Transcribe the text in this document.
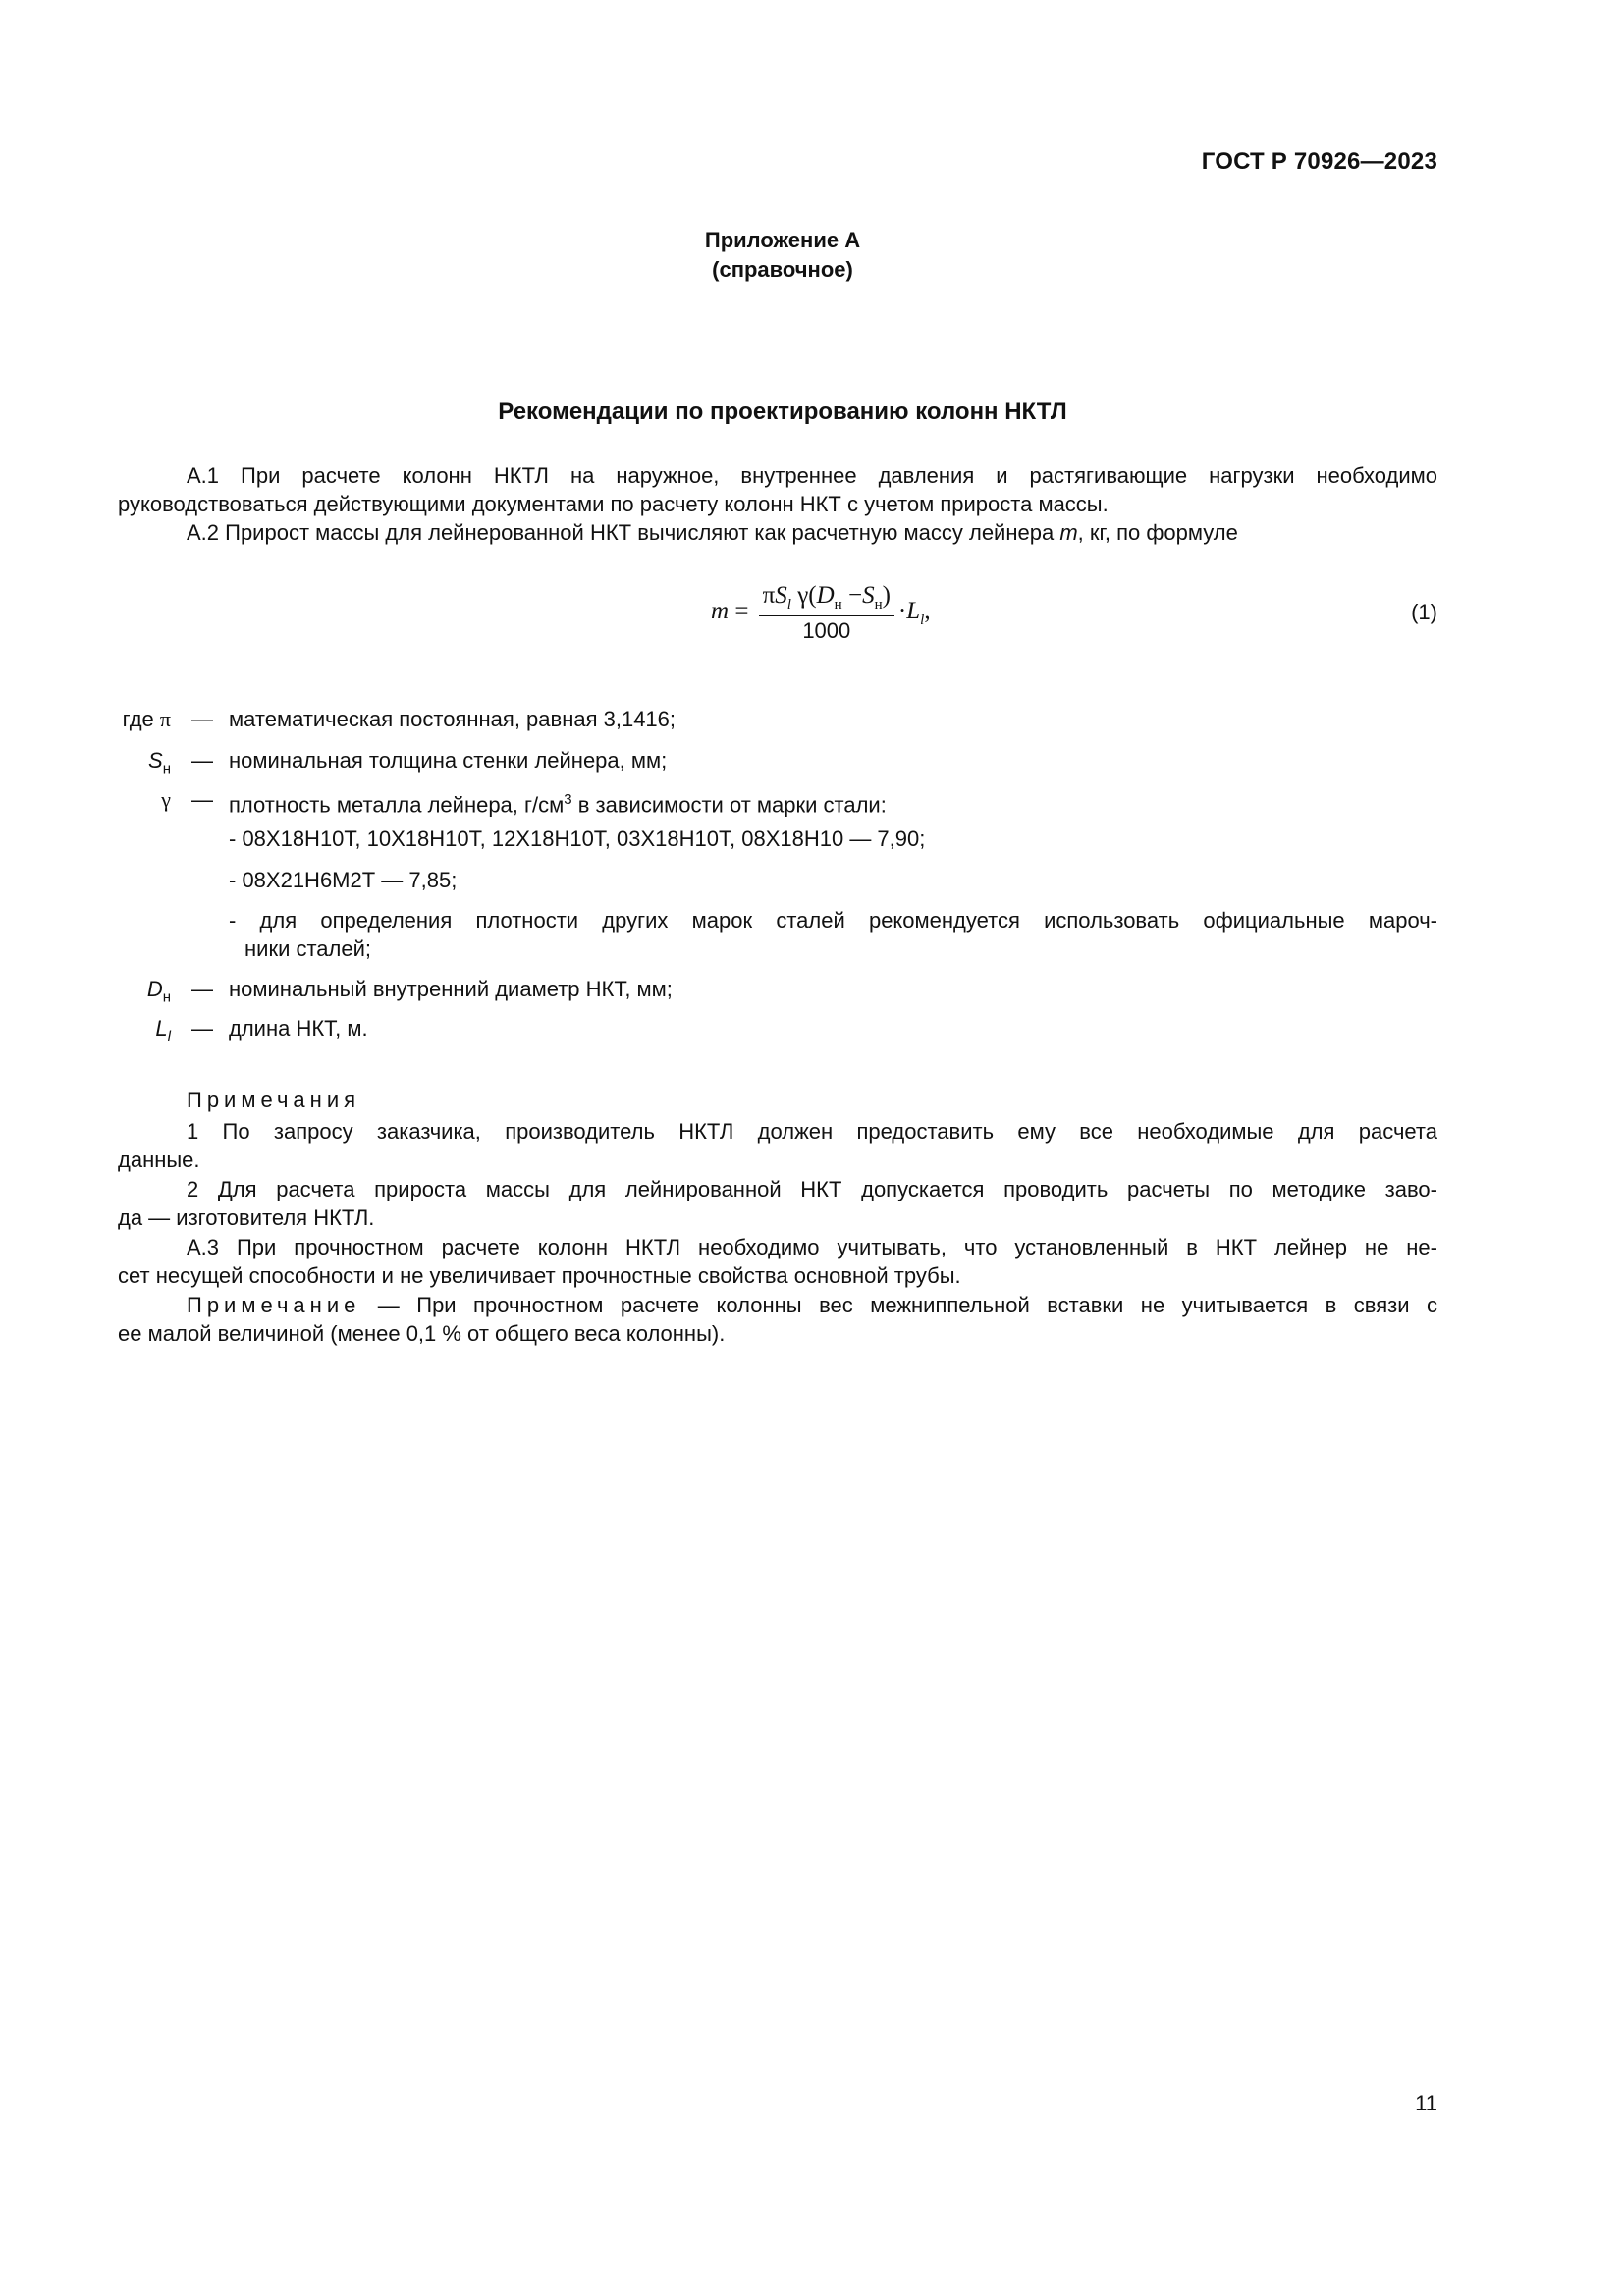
ГОСТ Р 70926—2023
Приложение А
(справочное)
Рекомендации по проектированию колонн НКТЛ
А.1 При расчете колонн НКТЛ на наружное, внутреннее давления и растягивающие нагрузки необходимо
руководствоваться действующими документами по расчету колонн НКТ с учетом прироста массы.
А.2 Прирост массы для лейнерованной НКТ вычисляют как расчетную массу лейнера m, кг, по формуле
$m = \frac{\pi S_l \gamma(D_н -S_н)}{1000} \cdot L_l$,	(1)
где π — математическая постоянная, равная 3,1416;
$S_н$ — номинальная толщина стенки лейнера, мм;
γ — плотность металла лейнера, $г/см^3$ в зависимости от марки стали:
- 08Х18Н10Т, 10Х18Н10Т, 12Х18Н10Т, 03Х18Н10Т, 08Х18Н10 — 7,90;
- 08Х21Н6М2Т — 7,85;
- для определения плотности других марок сталей рекомендуется использовать официальные мароч-
ники сталей;
$D_н$ — номинальный внутренний диаметр НКТ, мм;
$L_l$ — длина НКТ, м.
Примечания
1 По запросу заказчика, производитель НКТЛ должен предоставить ему все необходимые для расчета
данные.
2 Для расчета прироста массы для лейнированной НКТ допускается проводить расчеты по методике заво-
да — изготовителя НКТЛ.
А.3 При прочностном расчете колонн НКТЛ необходимо учитывать, что установленный в НКТ лейнер не не-
сет несущей способности и не увеличивает прочностные свойства основной трубы.
Примечание — При прочностном расчете колонны вес межниппельной вставки не учитывается в связи с
ее малой величиной (менее 0,1 % от общего веса колонны).
11
